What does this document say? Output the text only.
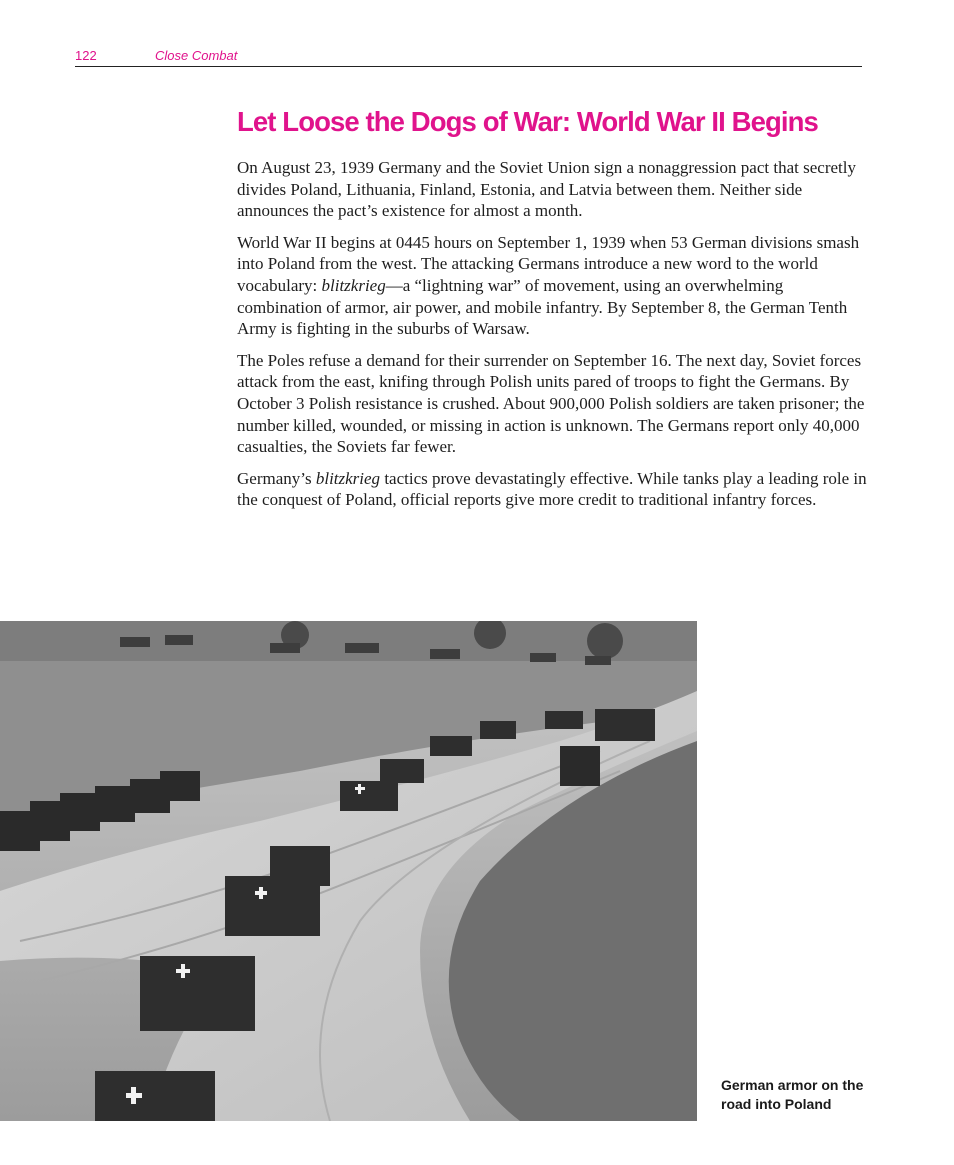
122	Close Combat
Let Loose the Dogs of War: World War II Begins

On August 23, 1939 Germany and the Soviet Union sign a nonaggression pact that secretly divides Poland, Lithuania, Finland, Estonia, and Latvia between them. Neither side announces the pact’s existence for almost a month.

World War II begins at 0445 hours on September 1, 1939 when 53 German divisions smash into Poland from the west. The attacking Germans introduce a new word to the world vocabulary: blitzkrieg—a “lightning war” of movement, using an overwhelming combination of armor, air power, and mobile infantry. By September 8, the German Tenth Army is fighting in the suburbs of Warsaw.

The Poles refuse a demand for their surrender on September 16. The next day, Soviet forces attack from the east, knifing through Polish units pared of troops to fight the Germans. By October 3 Polish resistance is crushed. About 900,000 Polish soldiers are taken prisoner; the number killed, wounded, or missing in action is unknown. The Germans report only 40,000 casualties, the Soviets far fewer.

Germany’s blitzkrieg tactics prove devastatingly effective. While tanks play a leading role in the conquest of Poland, official reports give more credit to traditional infantry forces.

German armor on the road into Poland
